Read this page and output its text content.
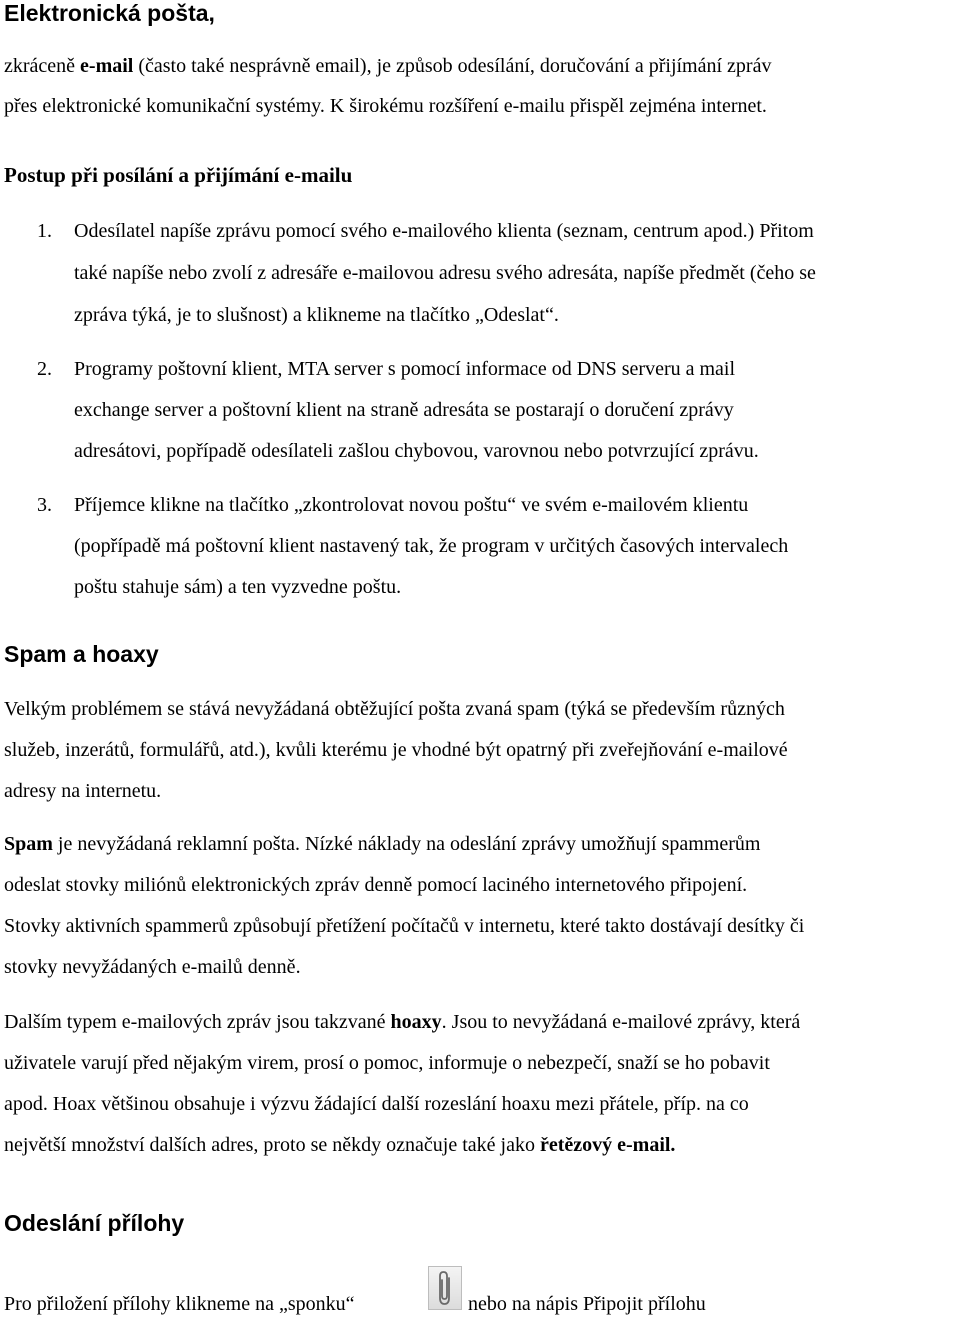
Elektronická pošta,
zkráceně e-mail (často také nesprávně email), je způsob odesílání, doručování a přijímání zpráv
přes elektronické komunikační systémy. K širokému rozšíření e-mailu přispěl zejména internet.
Postup při posílání a přijímání e-mailu
1. Odesílatel napíše zprávu pomocí svého e-mailového klienta (seznam, centrum apod.) Přitom
také napíše nebo zvolí z adresáře e-mailovou adresu svého adresáta, napíše předmět (čeho se
zpráva týká, je to slušnost) a klikneme na tlačítko „Odeslat“.
2. Programy poštovní klient, MTA server s pomocí informace od DNS serveru a mail
exchange server a poštovní klient na straně adresáta se postarají o doručení zprávy
adresátovi, popřípadě odesílateli zašlou chybovou, varovnou nebo potvrzující zprávu.
3. Příjemce klikne na tlačítko „zkontrolovat novou poštu“ ve svém e-mailovém klientu
(popřípadě má poštovní klient nastavený tak, že program v určitých časových intervalech
poštu stahuje sám) a ten vyzvedne poštu.
Spam a hoaxy
Velkým problémem se stává nevyžádaná obtěžující pošta zvaná spam (týká se především různých
služeb, inzerátů, formulářů, atd.), kvůli kterému je vhodné být opatrný při zveřejňování e-mailové
adresy na internetu.
Spam je nevyžádaná reklamní pošta. Nízké náklady na odeslání zprávy umožňují spammerům
odeslat stovky miliónů elektronických zpráv denně pomocí laciného internetového připojení.
Stovky aktivních spammerů způsobují přetížení počítačů v internetu, které takto dostávají desítky či
stovky nevyžádaných e-mailů denně.
Dalším typem e-mailových zpráv jsou takzvané hoaxy. Jsou to nevyžádaná e-mailové zprávy, která
uživatele varují před nějakým virem, prosí o pomoc, informuje o nebezpečí, snaží se ho pobavit
apod. Hoax většinou obsahuje i výzvu žádající další rozeslání hoaxu mezi přátele, příp. na co
největší množství dalších adres, proto se někdy označuje také jako řetězový e-mail.
Odeslání přílohy
Pro přiložení přílohy klikneme na „sponku“	nebo na nápis Připojit přílohu
